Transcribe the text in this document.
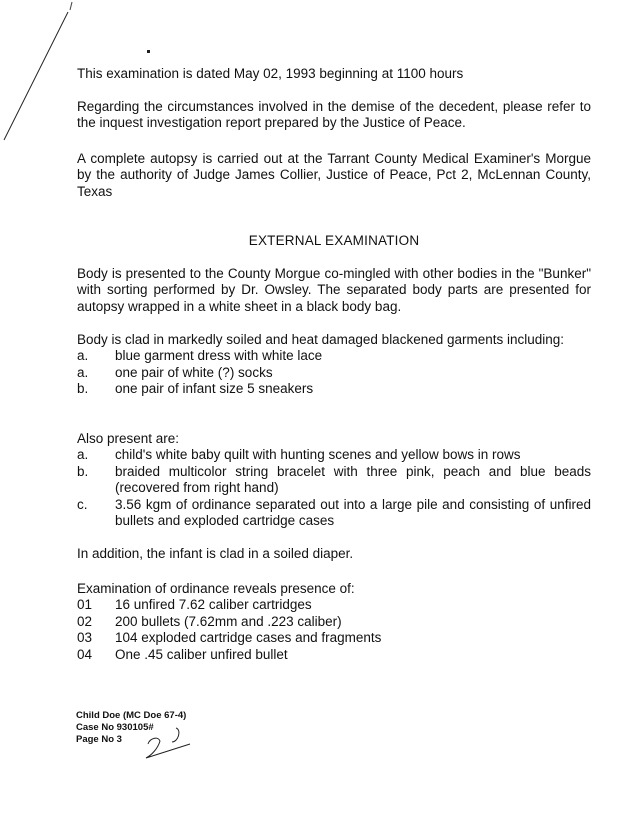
This examination is dated May 02, 1993 beginning at 1100 hours

Regarding the circumstances involved in the demise of the decedent, please refer to the inquest investigation report prepared by the Justice of Peace.

A complete autopsy is carried out at the Tarrant County Medical Examiner's Morgue by the authority of Judge James Collier, Justice of Peace, Pct 2, McLennan County, Texas

EXTERNAL EXAMINATION

Body is presented to the County Morgue co-mingled with other bodies in the "Bunker" with sorting performed by Dr. Owsley. The separated body parts are presented for autopsy wrapped in a white sheet in a black body bag.

Body is clad in markedly soiled and heat damaged blackened garments including:

a.	blue garment dress with white lace
a.	one pair of white (?) socks
b.	one pair of infant size 5 sneakers

Also present are:

a.	child's white baby quilt with hunting scenes and yellow bows in rows
b.	braided multicolor string bracelet with three pink, peach and blue beads (recovered from right hand)
c.	3.56 kgm of ordinance separated out into a large pile and consisting of unfired bullets and exploded cartridge cases

In addition, the infant is clad in a soiled diaper.

Examination of ordinance reveals presence of:

01	16 unfired 7.62 caliber cartridges
02	200 bullets (7.62mm and .223 caliber)
03	104 exploded cartridge cases and fragments
04	One .45 caliber unfired bullet
Child Doe (MC Doe 67-4)
Case No 930105#
Page No 3
